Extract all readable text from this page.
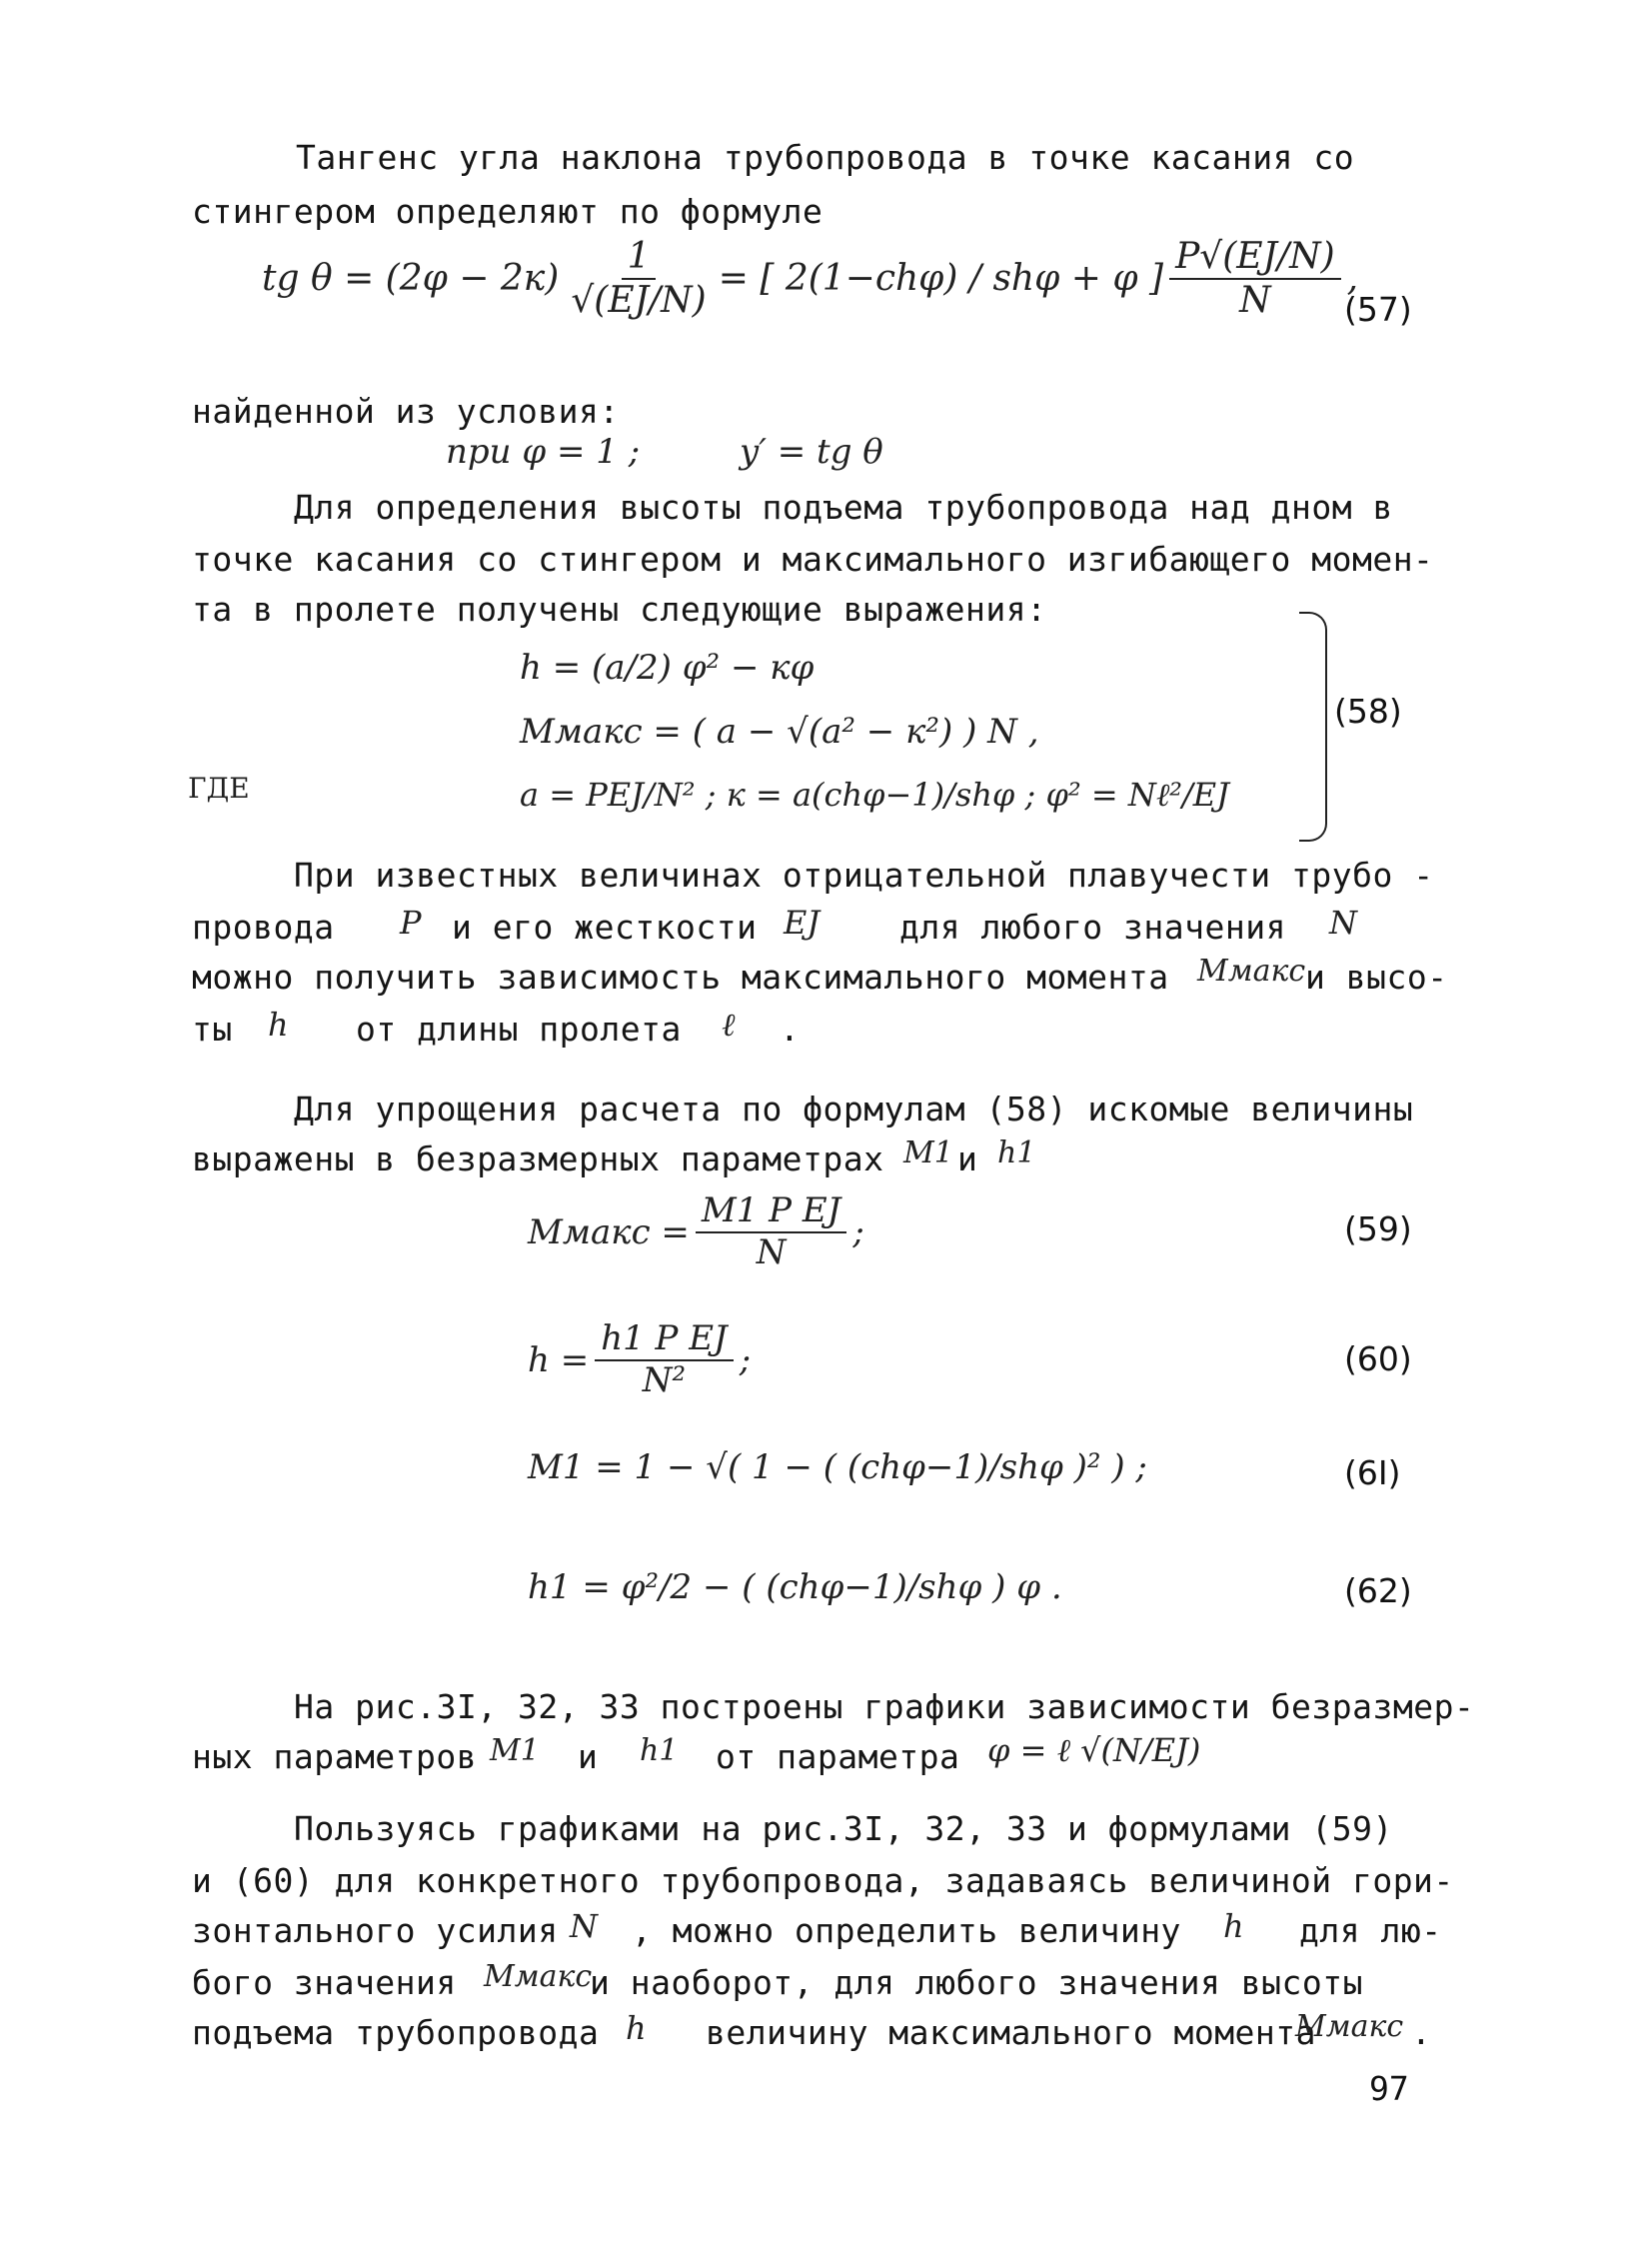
Тангенс угла наклона трубопровода в точке касания со
стингером определяют по формуле
tg $\theta = (2\varphi - 2к) \frac{1}{√(EJ/N)}$ = [ 2(1−chφ) / shφ + φ ] $\frac{P√(EJ/N)}{N}$ ,
(57)
найденной из условия:
при φ = 1 ;	y′ = tg θ
Для определения высоты подъема трубопровода над дном в
точке касания со стингером и максимального изгибающего момен-
та в пролете получены следующие выражения:
h = (a/2) φ² − кφ
Mмакс = ( a − √(a² − к²) ) N ,
ГДЕ	a = PEJ/N² ; к = a(chφ−1)/shφ ; φ² = Nℓ²/EJ
(58)
При известных величинах отрицательной плавучести трубо -
провода P и его жесткости EJ для любого значения N
можно получить зависимость максимального момента Mмакс и высо-
ты h от длины пролета ℓ .
Для упрощения расчета по формулам (58) искомые величины
выражены в безразмерных параметрах M1 и h1
Mмакс = $\frac{\text{M1 P EJ}}{N}$ ;	(59)
$h = \frac{\text{h1 P EJ}}{\text{N²}}$ ;	(60)
M1 = 1 − √( 1 − ( (chφ−1)/shφ )² ) ;	(6I)
h1 = φ²/2 − ( (chφ−1)/shφ ) φ .	(62)
На рис.3I, 32, 33 построены графики зависимости безразмер-
ных параметров M1 и h1 от параметра φ = ℓ √(N/EJ)
Пользуясь графиками на рис.3I, 32, 33 и формулами (59)
и (60) для конкретного трубопровода, задаваясь величиной гори-
зонтального усилия N , можно определить величину h для лю-
бого значения Mмакс
и наоборот, для любого значения высоты
подъема трубопровода h величину максимального момента
Mмакс .
97
